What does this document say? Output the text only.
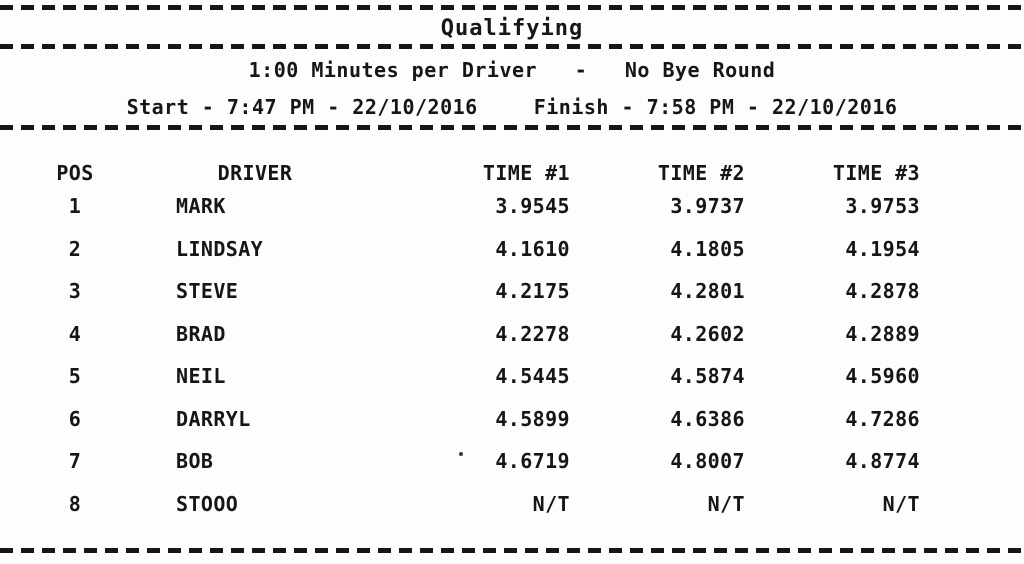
Qualifying
1:00 Minutes per Driver   -   No Bye Round
Start - 7:47 PM - 22/10/2016	Finish - 7:58 PM - 22/10/2016
POS	DRIVER	TIME #1	TIME #2	TIME #3
1	MARK	3.9545	3.9737	3.9753
2	LINDSAY	4.1610	4.1805	4.1954
3	STEVE	4.2175	4.2801	4.2878
4	BRAD	4.2278	4.2602	4.2889
5	NEIL	4.5445	4.5874	4.5960
6	DARRYL	4.5899	4.6386	4.7286
7	BOB	4.6719	4.8007	4.8774
8	STOOO	N/T	N/T	N/T
